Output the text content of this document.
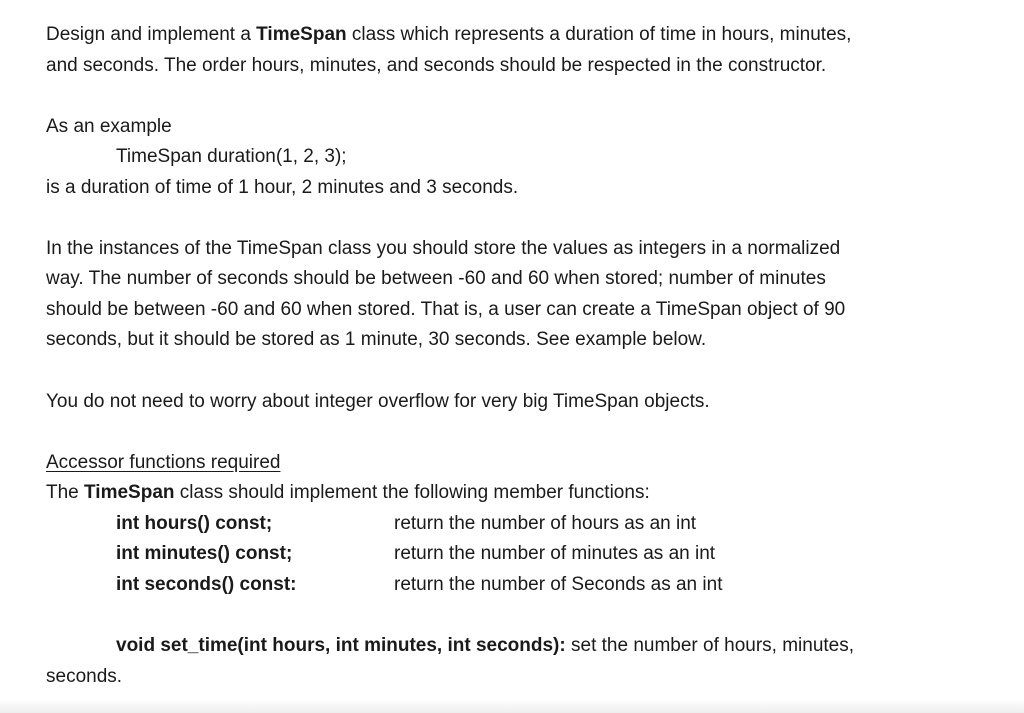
Design and implement a TimeSpan class which represents a duration of time in hours, minutes,
and seconds. The order hours, minutes, and seconds should be respected in the constructor.
As an example
TimeSpan duration(1, 2, 3);
is a duration of time of 1 hour, 2 minutes and 3 seconds.
In the instances of the TimeSpan class you should store the values as integers in a normalized
way. The number of seconds should be between -60 and 60 when stored; number of minutes
should be between -60 and 60 when stored. That is, a user can create a TimeSpan object of 90
seconds, but it should be stored as 1 minute, 30 seconds. See example below.
You do not need to worry about integer overflow for very big TimeSpan objects.
Accessor functions required
The TimeSpan class should implement the following member functions:
int hours() const;	return the number of hours as an int
int minutes() const;	return the number of minutes as an int
int seconds() const:	return the number of Seconds as an int
void set_time(int hours, int minutes, int seconds): set the number of hours, minutes,
seconds.
